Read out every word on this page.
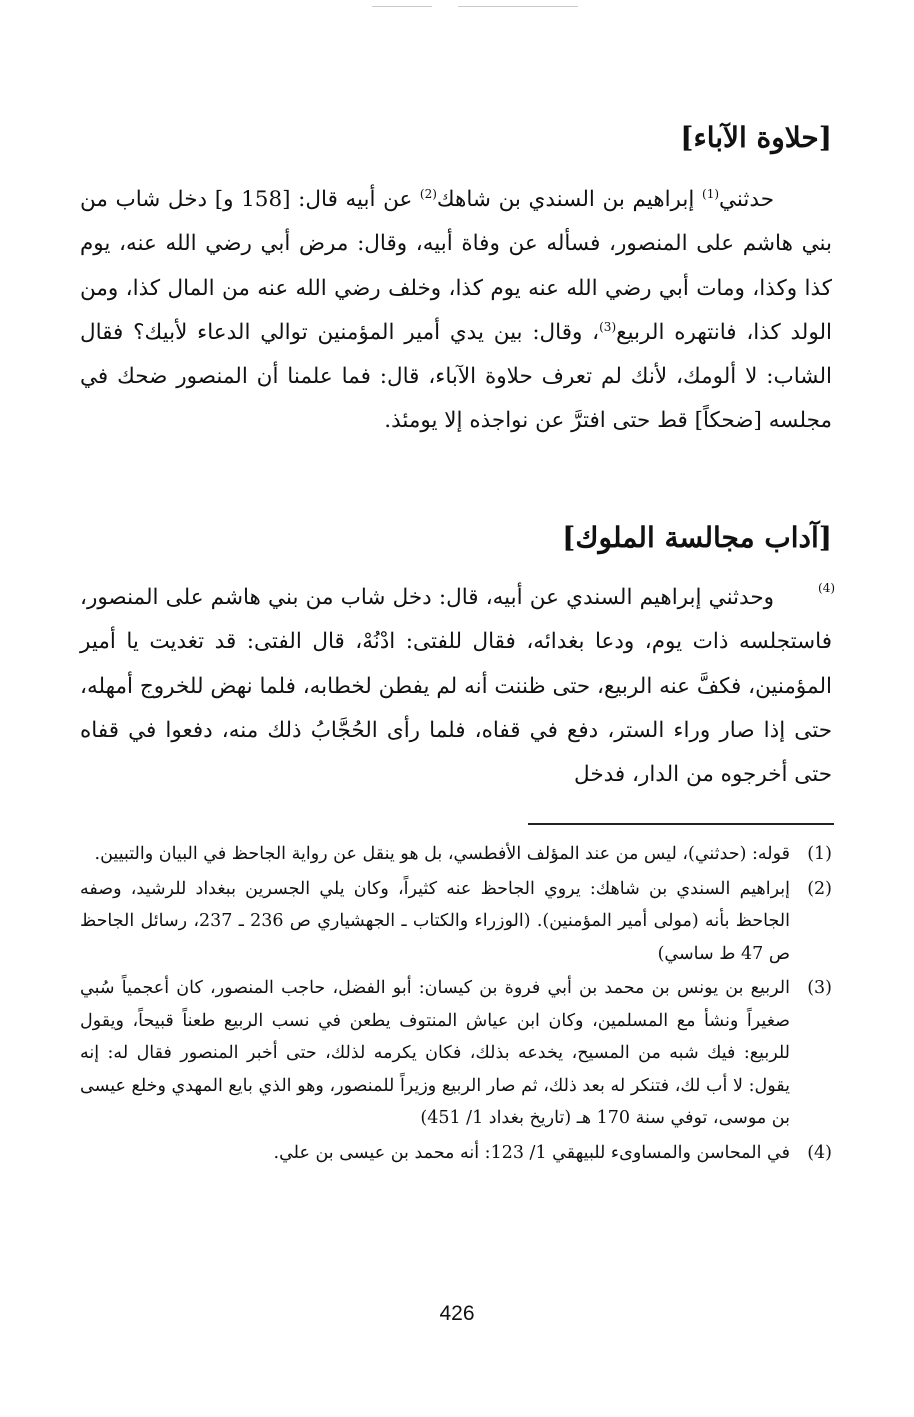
[حلاوة الآباء]
حدثني$^{(1)}$ إبراهيم بن السندي بن شاهك$^{(2)}$ عن أبيه قال: [158 و] دخل شاب من بني هاشم على المنصور، فسأله عن وفاة أبيه، وقال: مرض أبي رضي الله عنه، يوم كذا وكذا، ومات أبي رضي الله عنه يوم كذا، وخلف رضي الله عنه من المال كذا، ومن الولد كذا، فانتهره الربيع$^{(3)}$، وقال: بين يدي أمير المؤمنين توالي الدعاء لأبيك؟ فقال الشاب: لا ألومك، لأنك لم تعرف حلاوة الآباء، قال: فما علمنا أن المنصور ضحك في مجلسه [ضحكاً] قط حتى افترَّ عن نواجذه إلا يومئذ.
[آداب مجالسة الملوك]
وحدثني إبراهيم السندي عن أبيه، قال: دخل شاب من بني هاشم على المنصور، فاستجلسه ذات يوم، ودعا بغدائه، فقال للفتى: ادْنُهْ، قال الفتى: قد تغديت يا أمير المؤمنين، فكفَّ عنه الربيع، حتى ظننت أنه لم يفطن لخطابه، فلما نهض للخروج أمهله، حتى إذا صار وراء الستر، دفع في قفاه، فلما رأى الحُجَّابُ ذلك منه، دفعوا في قفاه حتى أخرجوه من الدار، فدخل
(4)
(1)
قوله: (حدثني)، ليس من عند المؤلف الأفطسي، بل هو ينقل عن رواية الجاحظ في البيان والتبيين.
(2)
إبراهيم السندي بن شاهك: يروي الجاحظ عنه كثيراً، وكان يلي الجسرين ببغداد للرشيد، وصفه الجاحظ بأنه (مولى أمير المؤمنين). (الوزراء والكتاب ـ الجهشياري ص 236 ـ 237، رسائل الجاحظ ص 47 ط ساسي)
(3)
الربيع بن يونس بن محمد بن أبي فروة بن كيسان: أبو الفضل، حاجب المنصور، كان أعجمياً سُبي صغيراً ونشأ مع المسلمين، وكان ابن عياش المنتوف يطعن في نسب الربيع طعناً قبيحاً، ويقول للربيع: فيك شبه من المسيح، يخدعه بذلك، فكان يكرمه لذلك، حتى أخبر المنصور فقال له: إنه يقول: لا أب لك، فتنكر له بعد ذلك، ثم صار الربيع وزيراً للمنصور، وهو الذي بايع المهدي وخلع عيسى بن موسى، توفي سنة 170 هـ (تاريخ بغداد 1/ 451)
(4)
في المحاسن والمساوىء للبيهقي 1/ 123: أنه محمد بن عيسى بن علي.
426
